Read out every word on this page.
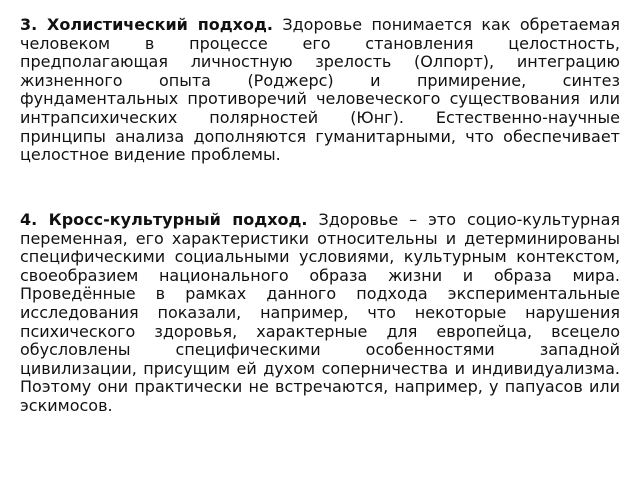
3. Холистический подход. Здоровье понимается как обретаемая человеком в процессе его становления целостность, предполагающая личностную зрелость (Олпорт), интеграцию жизненного опыта (Роджерс) и примирение, синтез фундаментальных противоречий человеческого существования или интрапсихических полярностей (Юнг). Естественно-научные принципы анализа дополняются гуманитарными, что обеспечивает целостное видение проблемы.

4. Кросс-культурный подход. Здоровье – это социо-культурная переменная, его характеристики относительны и детерминированы специфическими социальными условиями, культурным контекстом, своеобразием национального образа жизни и образа мира. Проведённые в рамках данного подхода экспериментальные исследования показали, например, что некоторые нарушения психического здоровья, характерные для европейца, всецело обусловлены специфическими особенностями западной цивилизации, присущим ей духом соперничества и индивидуализма. Поэтому они практически не встречаются, например, у папуасов или эскимосов.
